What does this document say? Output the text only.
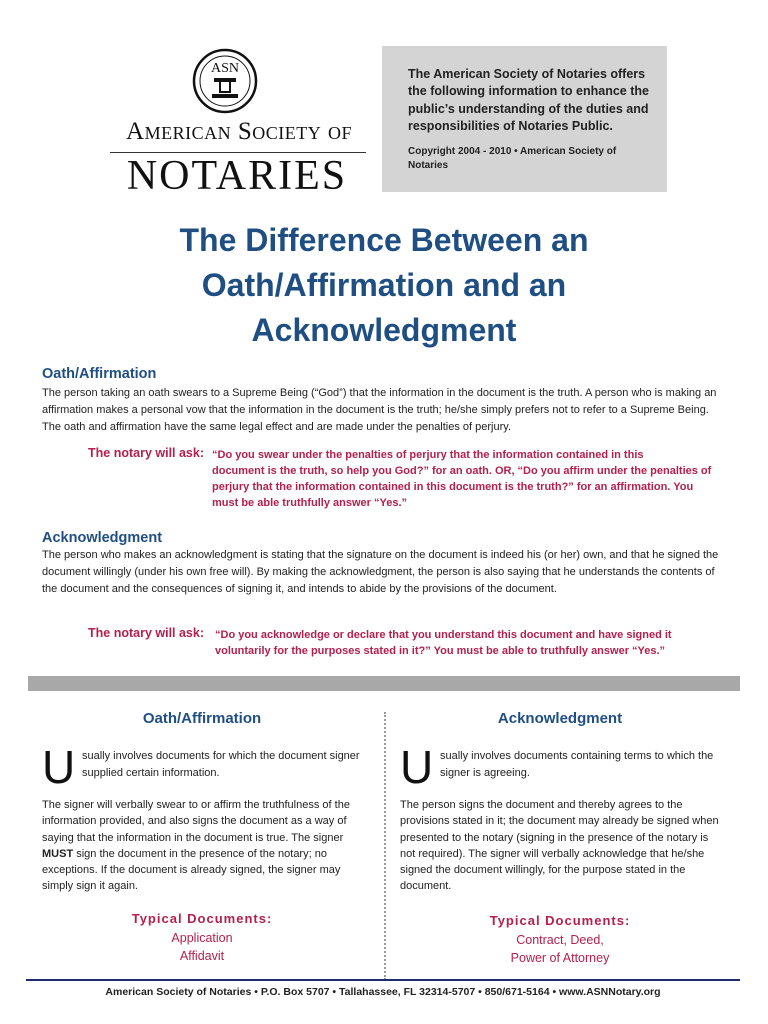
ASN
American Society of
NOTARIES
The American Society of Notaries offers the following information to enhance the public’s understanding of the duties and responsibilities of Notaries Public.
Copyright 2004 - 2010 • American Society of Notaries
The Difference Between an
Oath/Affirmation and an
Acknowledgment
Oath/Affirmation
The person taking an oath swears to a Supreme Being (“God”) that the information in the document is the truth. A person who is making an affirmation makes a personal vow that the information in the document is the truth; he/she simply prefers not to refer to a Supreme Being. The oath and affirmation have the same legal effect and are made under the penalties of perjury.
The notary will ask: “Do you swear under the penalties of perjury that the information contained in this
document is the truth, so help you God?” for an oath. OR, “Do you affirm under the penalties of perjury that the information contained in this document is the truth?” for an affirmation. You must be able truthfully answer “Yes.”
Acknowledgment
The person who makes an acknowledgment is stating that the signature on the document is indeed his (or her) own, and that he signed the document willingly (under his own free will). By making the acknowledgment, the person is also saying that he understands the contents of the document and the consequences of signing it, and intends to abide by the provisions of the document.
The notary will ask: “Do you acknowledge or declare that you understand this document and have signed it
voluntarily for the purposes stated in it?” You must be able to truthfully answer “Yes.”
Oath/Affirmation
U sually involves documents for which the document signer supplied certain information.
The signer will verbally swear to or affirm the truthfulness of the information provided, and also signs the document as a way of saying that the information in the document is true. The signer MUST sign the document in the presence of the notary; no exceptions. If the document is already signed, the signer may simply sign it again.
Typical Documents:
Application
Affidavit
Acknowledgment
U sually involves documents containing terms to which the signer is agreeing.
The person signs the document and thereby agrees to the provisions stated in it; the document may already be signed when presented to the notary (signing in the presence of the notary is not required). The signer will verbally acknowledge that he/she signed the document willingly, for the purpose stated in the document.
Typical Documents:
Contract, Deed,
Power of Attorney
American Society of Notaries • P.O. Box 5707 • Tallahassee, FL 32314-5707 • 850/671-5164 • www.ASNNotary.org
